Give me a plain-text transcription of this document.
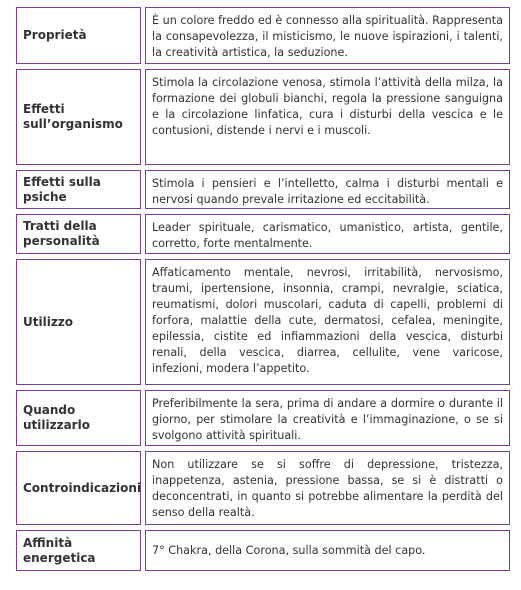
Proprietà
È un colore freddo ed è connesso alla spiritualità. Rappresenta la consapevolezza, il misticismo, le nuove ispirazioni, i talenti, la creatività artistica, la seduzione.
Effetti sull’organismo
Stimola la circolazione venosa, stimola l’attività della milza, la formazione dei globuli bianchi, regola la pressione sanguigna e la circolazione linfatica, cura i disturbi della vescica e le contusioni, distende i nervi e i muscoli.
Effetti sulla psiche
Stimola i pensieri e l’intelletto, calma i disturbi mentali e nervosi quando prevale irritazione ed eccitabilità.
Tratti della personalità
Leader spirituale, carismatico, umanistico, artista, gentile, corretto, forte mentalmente.
Utilizzo
Affaticamento mentale, nevrosi, irritabilità, nervosismo, traumi, ipertensione, insonnia, crampi, nevralgie, sciatica, reumatismi, dolori muscolari, caduta di capelli, problemi di forfora, malattie della cute, dermatosi, cefalea, meningite, epilessia, cistite ed infiammazioni della vescica, disturbi renali, della vescica, diarrea, cellulite, vene varicose, infezioni, modera l’appetito.
Quando utilizzarlo
Preferibilmente la sera, prima di andare a dormire o durante il giorno, per stimolare la creatività e l’immaginazione, o se si svolgono attività spirituali.
Controindicazioni
Non utilizzare se si soffre di depressione, tristezza, inappetenza, astenia, pressione bassa, se si è distratti o deconcentrati, in quanto si potrebbe alimentare la perdità del senso della realtà.
Affinità energetica	7° Chakra, della Corona, sulla sommità del capo.
